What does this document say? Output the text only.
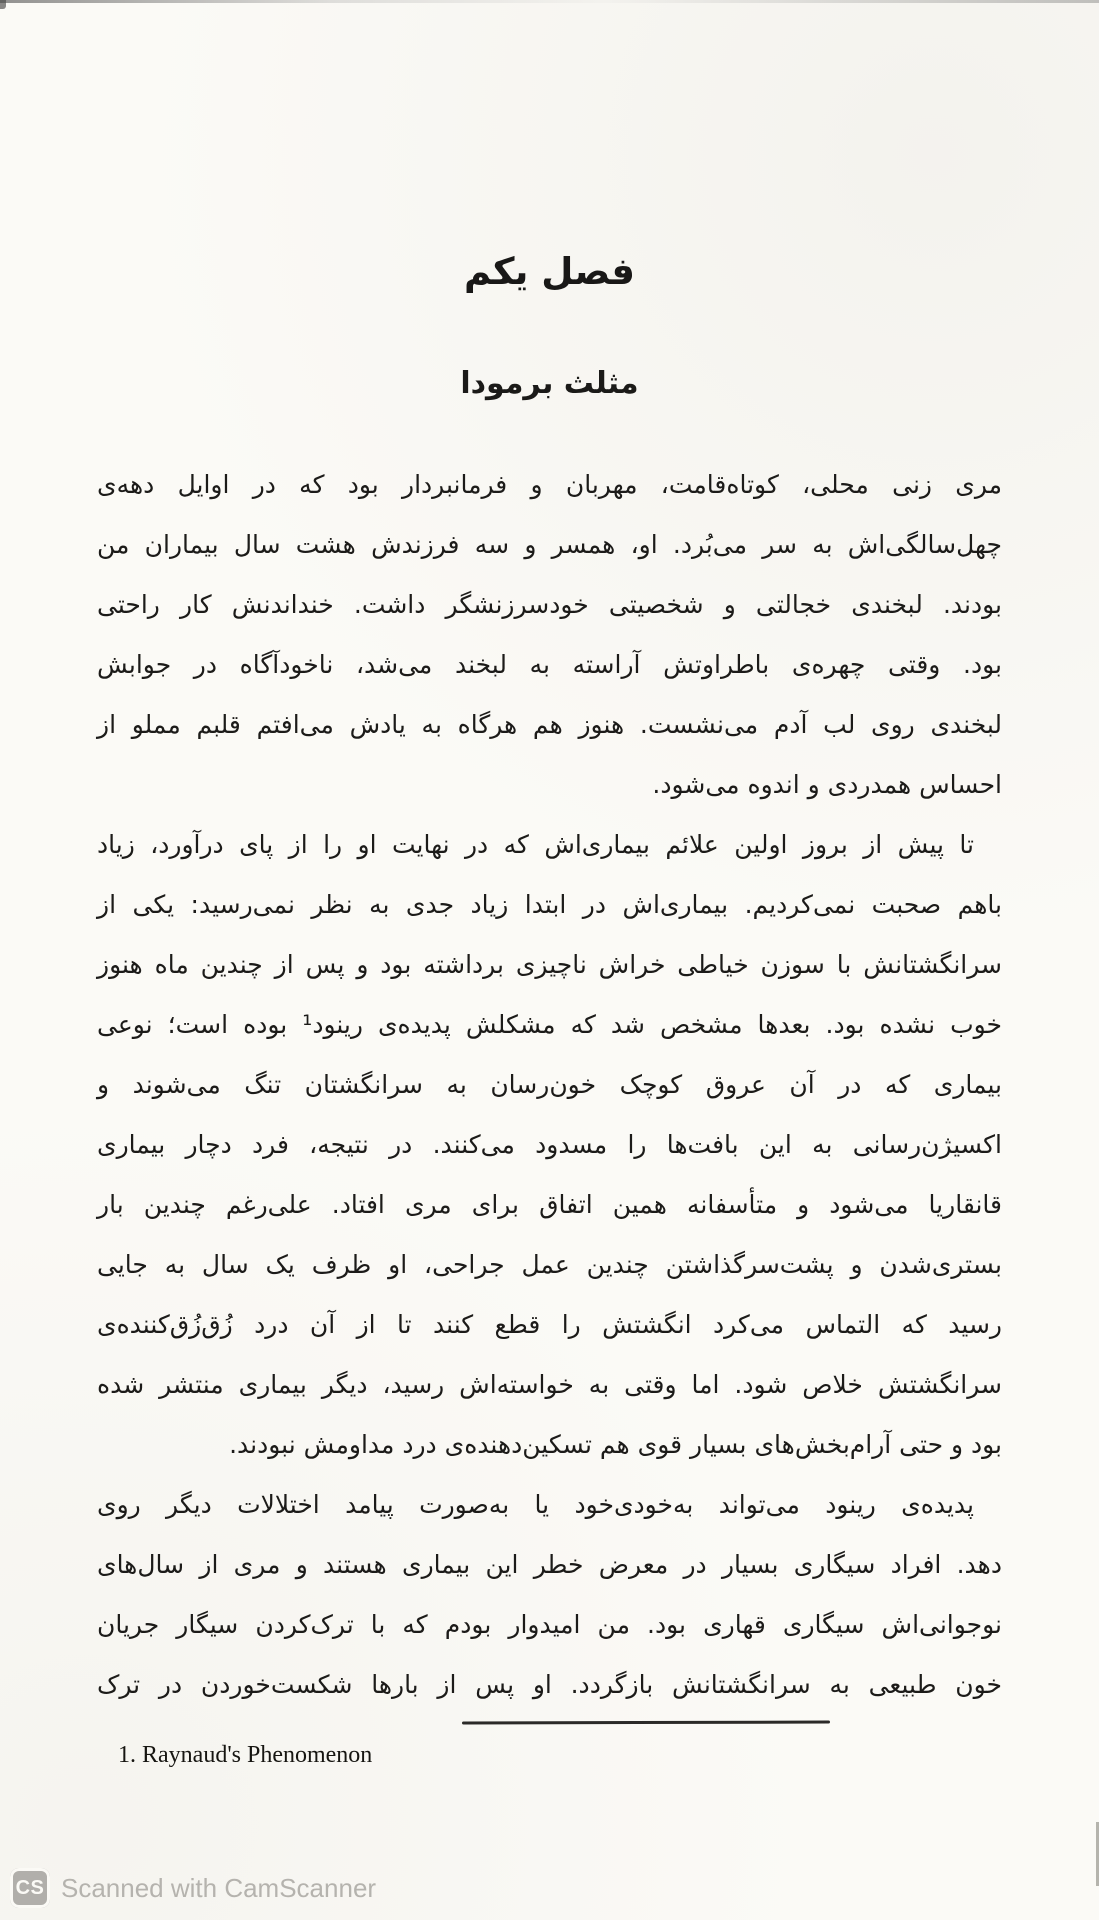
فصل یکم
مثلث برمودا
مری زنی محلی، کوتاه‌قامت، مهربان و فرمانبردار بود که در اوایل دهه‌ی
چهل‌سالگی‌اش به سر می‌بُرد. او، همسر و سه فرزندش هشت سال بیماران من
بودند. لبخندی خجالتی و شخصیتی خودسرزنشگر داشت. خنداندنش کار راحتی
بود. وقتی چهره‌ی باطراوتش آراسته به لبخند می‌شد، ناخودآگاه در جوابش
لبخندی روی لب آدم می‌نشست. هنوز هم هرگاه به یادش می‌افتم قلبم مملو از
احساس همدردی و اندوه می‌شود.
تا پیش از بروز اولین علائم بیماری‌اش که در نهایت او را از پای درآورد، زیاد
باهم صحبت نمی‌کردیم. بیماری‌اش در ابتدا زیاد جدی به نظر نمی‌رسید: یکی از
سرانگشتانش با سوزن خیاطی خراش ناچیزی برداشته بود و پس از چندین ماه هنوز
خوب نشده بود. بعدها مشخص شد که مشکلش پدیده‌ی رینود¹ بوده است؛ نوعی
بیماری که در آن عروق کوچک خون‌رسان به سرانگشتان تنگ می‌شوند و
اکسیژن‌رسانی به این بافت‌ها را مسدود می‌کنند. در نتیجه، فرد دچار بیماری
قانقاریا می‌شود و متأسفانه همین اتفاق برای مری افتاد. علی‌رغم چندین بار
بستری‌شدن و پشت‌سرگذاشتن چندین عمل جراحی، او ظرف یک سال به جایی
رسید که التماس می‌کرد انگشتش را قطع کنند تا از آن درد زُق‌زُق‌کننده‌ی
سرانگشتش خلاص شود. اما وقتی به خواسته‌اش رسید، دیگر بیماری منتشر شده
بود و حتی آرام‌بخش‌های بسیار قوی هم تسکین‌دهنده‌ی درد مداومش نبودند.
پدیده‌ی رینود می‌تواند به‌خودی‌خود یا به‌صورت پیامد اختلالات دیگر روی
دهد. افراد سیگاری بسیار در معرض خطر این بیماری هستند و مری از سال‌های
نوجوانی‌اش سیگاری قهاری بود. من امیدوار بودم که با ترک‌کردن سیگار جریان
خون طبیعی به سرانگشتانش بازگردد. او پس از بارها شکست‌خوردن در ترک
1. Raynaud's Phenomenon
CS Scanned with CamScanner
